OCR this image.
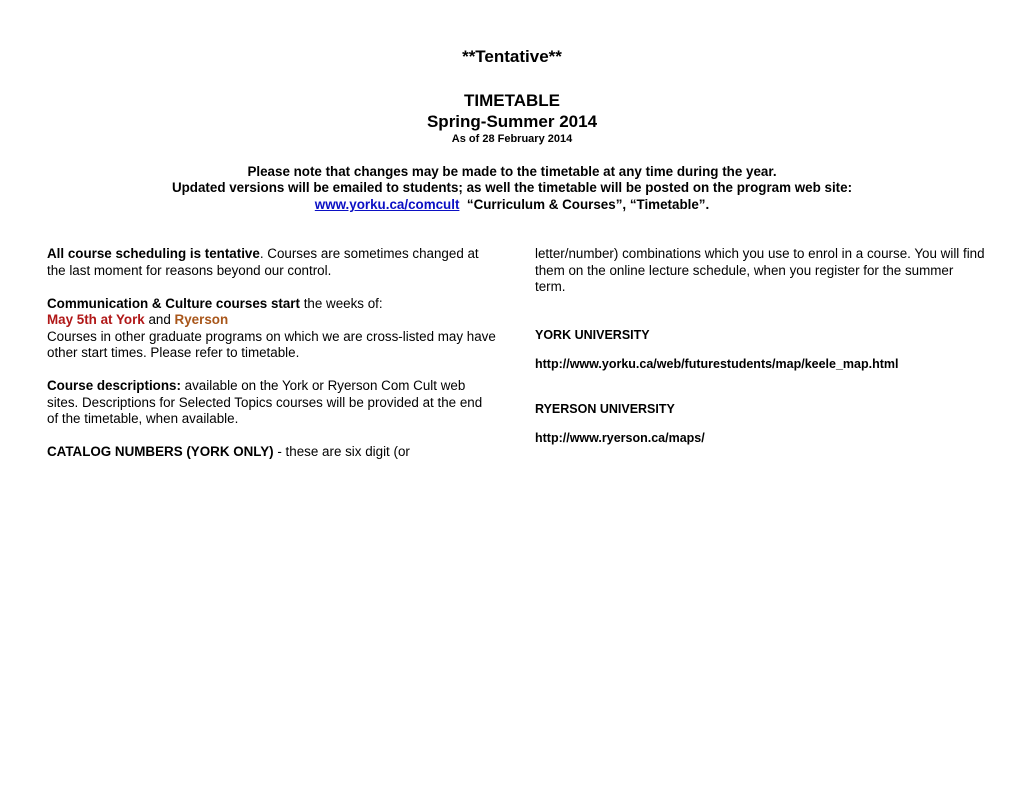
**Tentative**
TIMETABLE
Spring-Summer 2014
As of 28 February 2014
Please note that changes may be made to the timetable at any time during the year.
Updated versions will be emailed to students; as well the timetable will be posted on the program web site:
www.yorku.ca/comcult “Curriculum & Courses”, “Timetable”.

All course scheduling is tentative. Courses are sometimes changed at the last moment for reasons beyond our control.

Communication & Culture courses start the weeks of:
May 5th at York and Ryerson
Courses in other graduate programs on which we are cross-listed may have other start times. Please refer to timetable.

Course descriptions: available on the York or Ryerson Com Cult web sites. Descriptions for Selected Topics courses will be provided at the end of the timetable, when available.

CATALOG NUMBERS (YORK ONLY) - these are six digit (or

letter/number) combinations which you use to enrol in a course. You will find them on the online lecture schedule, when you register for the summer term.

YORK UNIVERSITY

http://www.yorku.ca/web/futurestudents/map/keele_map.html

RYERSON UNIVERSITY

http://www.ryerson.ca/maps/
